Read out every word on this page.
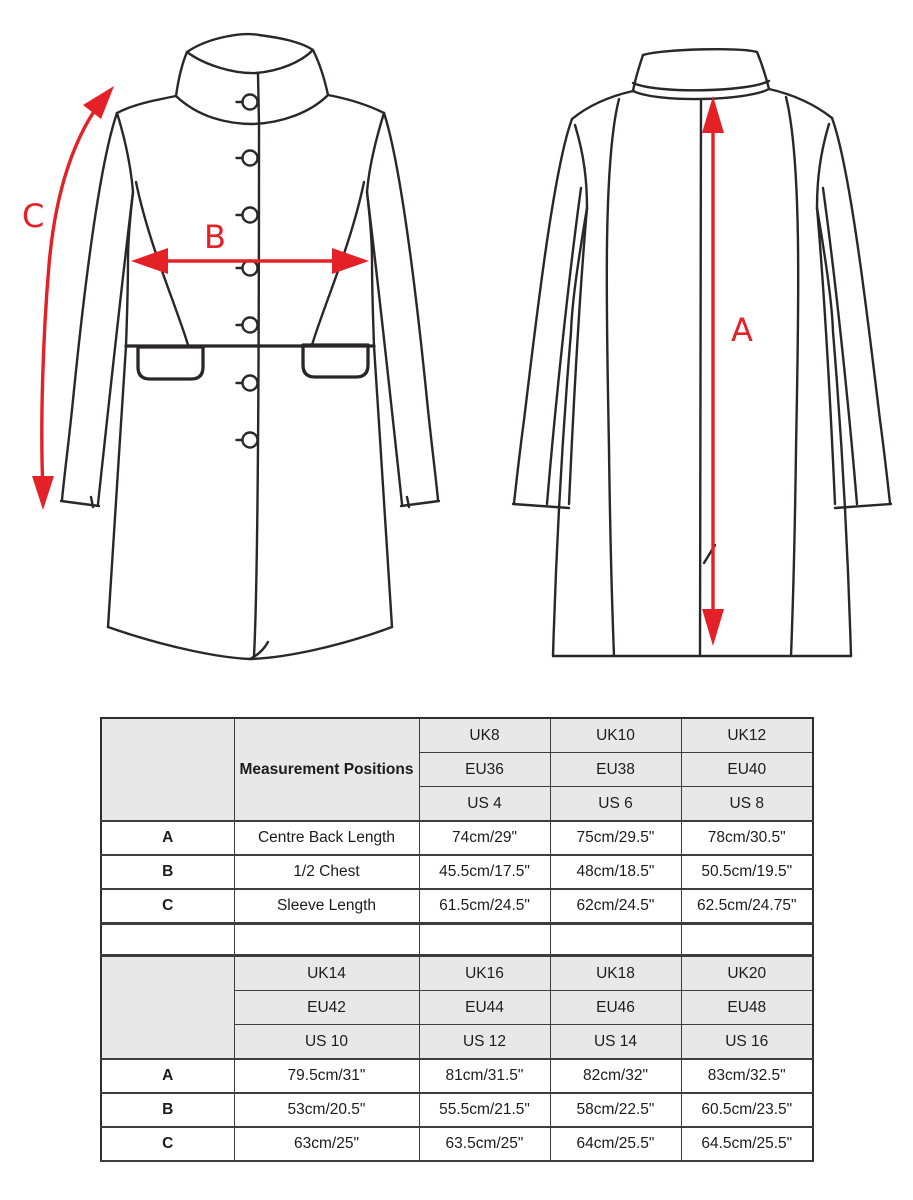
C
B
A
	Measurement Positions	UK8	UK10	UK12
		EU36	EU38	EU40
		US 4	US 6	US 8
A	Centre Back Length	74cm/29"	75cm/29.5"	78cm/30.5"
B	1/2 Chest	45.5cm/17.5"	48cm/18.5"	50.5cm/19.5"
C	Sleeve Length	61.5cm/24.5"	62cm/24.5"	62.5cm/24.75"

	UK14	UK16	UK18	UK20
	EU42	EU44	EU46	EU48
	US 10	US 12	US 14	US 16
A	79.5cm/31"	81cm/31.5"	82cm/32"	83cm/32.5"
B	53cm/20.5"	55.5cm/21.5"	58cm/22.5"	60.5cm/23.5"
C	63cm/25"	63.5cm/25"	64cm/25.5"	64.5cm/25.5"
